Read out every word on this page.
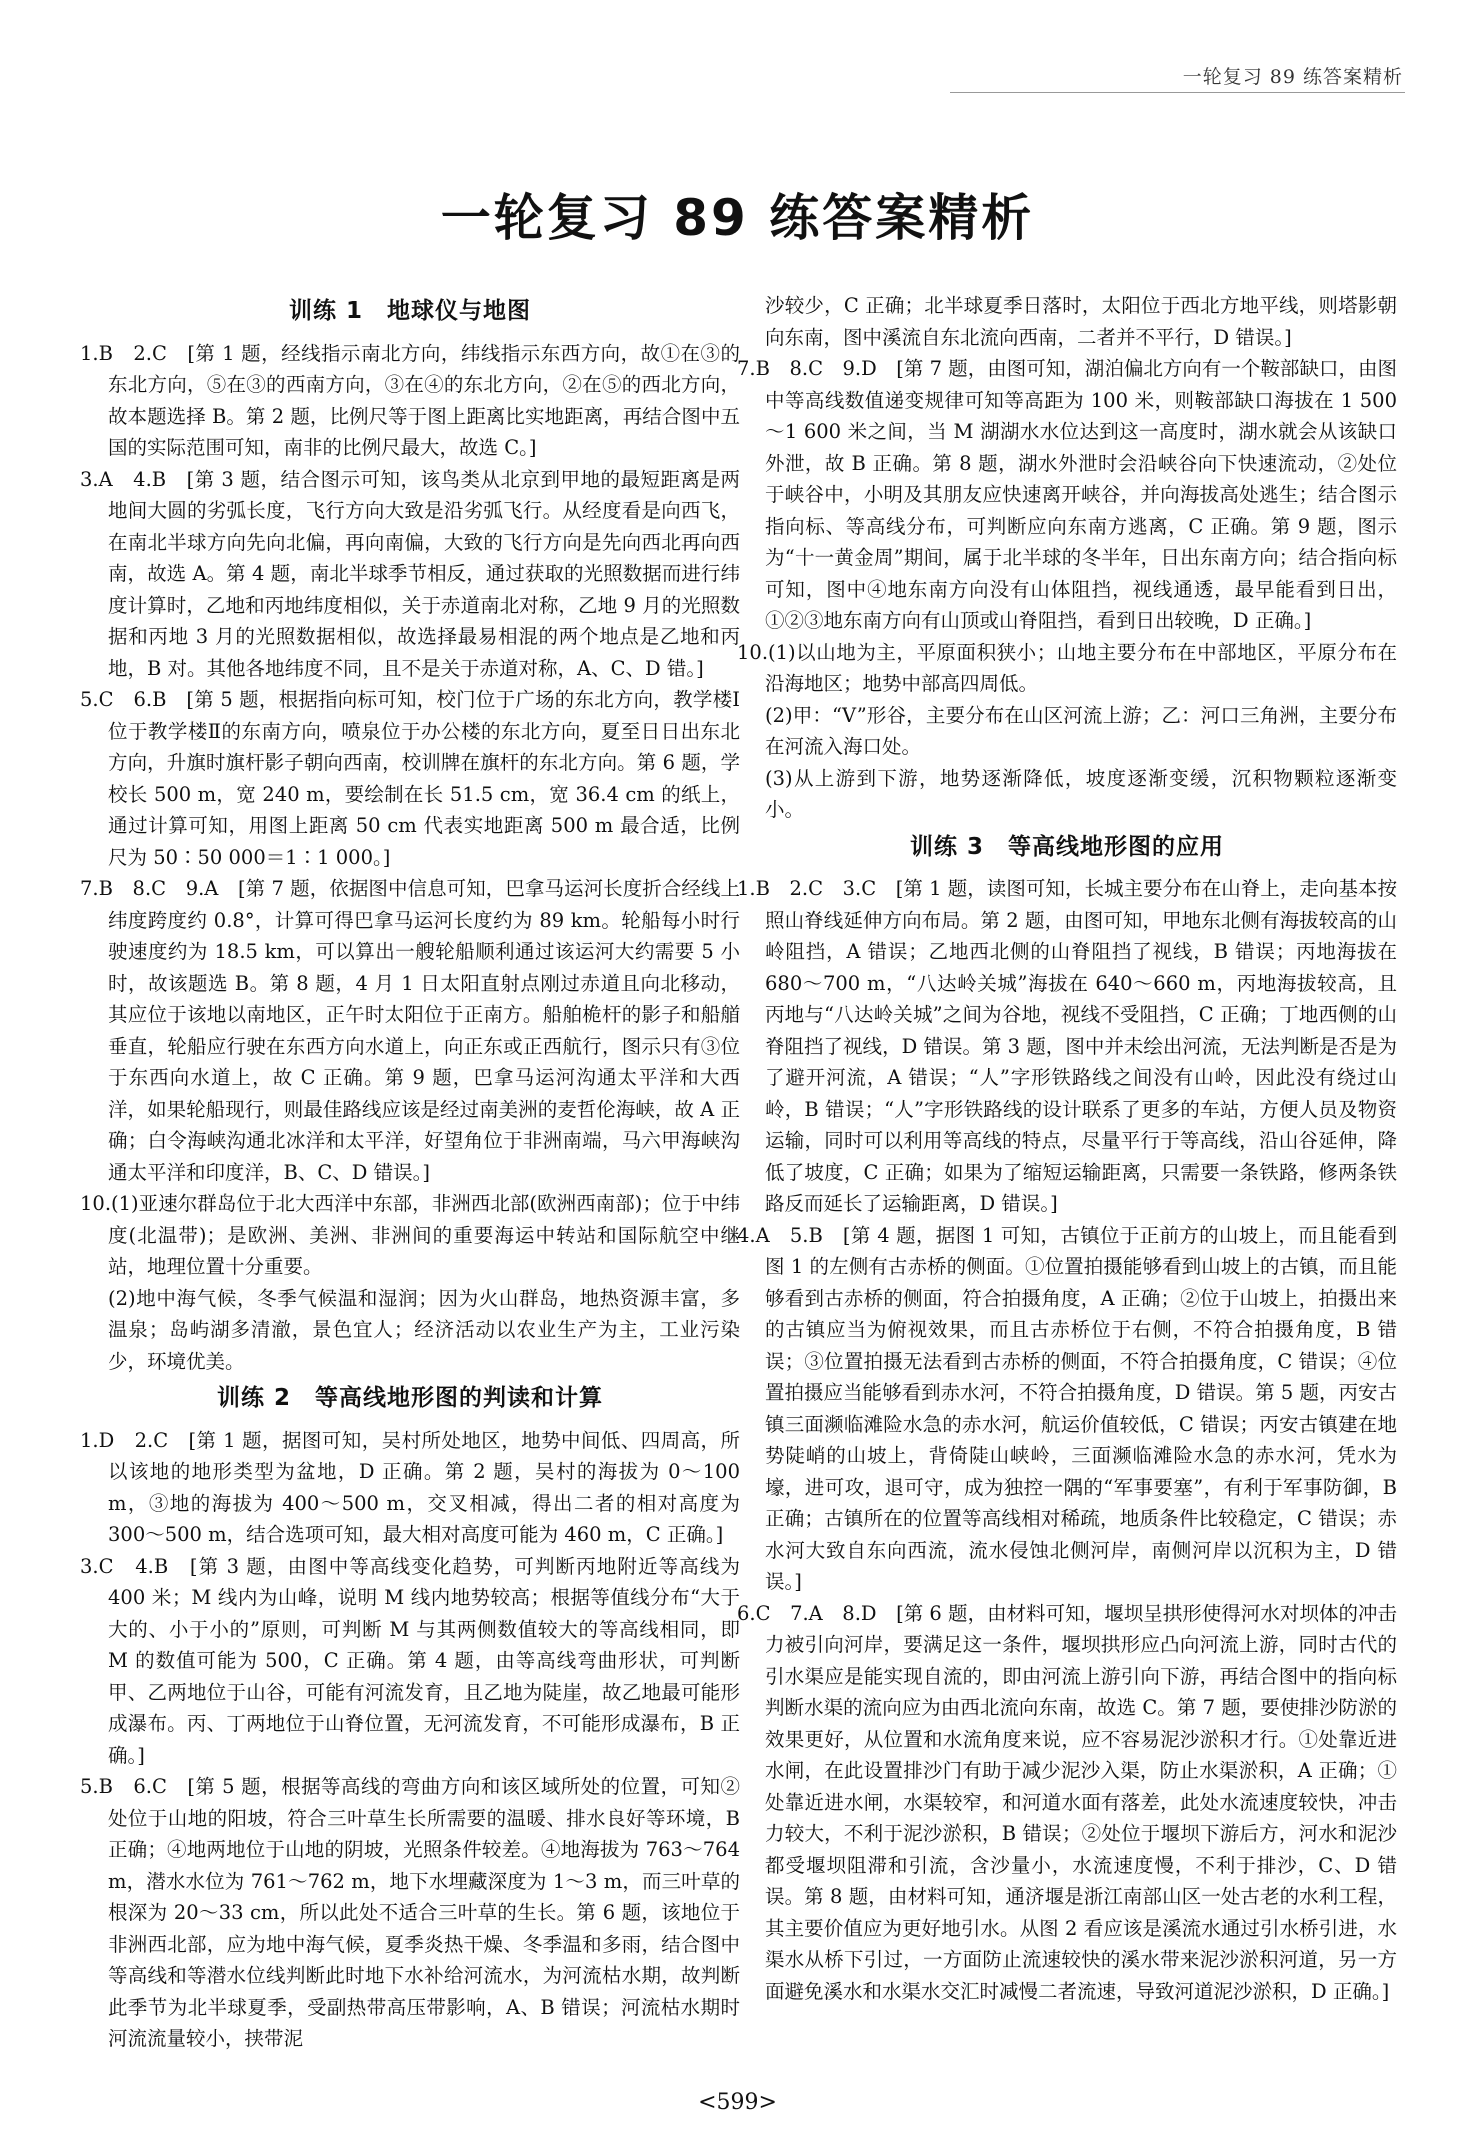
一轮复习 89 练答案精析
一轮复习 89 练答案精析
训练 1　地球仪与地图
1.B　2.C　[第 1 题，经线指示南北方向，纬线指示东西方向，故①在③的东北方向，⑤在③的西南方向，③在④的东北方向，②在⑤的西北方向，故本题选择 B。第 2 题，比例尺等于图上距离比实地距离，再结合图中五国的实际范围可知，南非的比例尺最大，故选 C。]
3.A　4.B　[第 3 题，结合图示可知，该鸟类从北京到甲地的最短距离是两地间大圆的劣弧长度，飞行方向大致是沿劣弧飞行。从经度看是向西飞，在南北半球方向先向北偏，再向南偏，大致的飞行方向是先向西北再向西南，故选 A。第 4 题，南北半球季节相反，通过获取的光照数据而进行纬度计算时，乙地和丙地纬度相似，关于赤道南北对称，乙地 9 月的光照数据和丙地 3 月的光照数据相似，故选择最易相混的两个地点是乙地和丙地，B 对。其他各地纬度不同，且不是关于赤道对称，A、C、D 错。]
5.C　6.B　[第 5 题，根据指向标可知，校门位于广场的东北方向，教学楼Ⅰ位于教学楼Ⅱ的东南方向，喷泉位于办公楼的东北方向，夏至日日出东北方向，升旗时旗杆影子朝向西南，校训牌在旗杆的东北方向。第 6 题，学校长 500 m，宽 240 m，要绘制在长 51.5 cm，宽 36.4 cm 的纸上，通过计算可知，用图上距离 50 cm 代表实地距离 500 m 最合适，比例尺为 50∶50 000＝1∶1 000。]
7.B　8.C　9.A　[第 7 题，依据图中信息可知，巴拿马运河长度折合经线上纬度跨度约 0.8°，计算可得巴拿马运河长度约为 89 km。轮船每小时行驶速度约为 18.5 km，可以算出一艘轮船顺利通过该运河大约需要 5 小时，故该题选 B。第 8 题，4 月 1 日太阳直射点刚过赤道且向北移动，其应位于该地以南地区，正午时太阳位于正南方。船舶桅杆的影子和船艏垂直，轮船应行驶在东西方向水道上，向正东或正西航行，图示只有③位于东西向水道上，故 C 正确。第 9 题，巴拿马运河沟通太平洋和大西洋，如果轮船现行，则最佳路线应该是经过南美洲的麦哲伦海峡，故 A 正确；白令海峡沟通北冰洋和太平洋，好望角位于非洲南端，马六甲海峡沟通太平洋和印度洋，B、C、D 错误。]
10.(1)亚速尔群岛位于北大西洋中东部，非洲西北部(欧洲西南部)；位于中纬度(北温带)；是欧洲、美洲、非洲间的重要海运中转站和国际航空中继站，地理位置十分重要。
(2)地中海气候，冬季气候温和湿润；因为火山群岛，地热资源丰富，多温泉；岛屿湖多清澈，景色宜人；经济活动以农业生产为主，工业污染少，环境优美。
训练 2　等高线地形图的判读和计算
1.D　2.C　[第 1 题，据图可知，吴村所处地区，地势中间低、四周高，所以该地的地形类型为盆地，D 正确。第 2 题，吴村的海拔为 0～100 m，③地的海拔为 400～500 m，交叉相减，得出二者的相对高度为 300～500 m，结合选项可知，最大相对高度可能为 460 m，C 正确。]
3.C　4.B　[第 3 题，由图中等高线变化趋势，可判断丙地附近等高线为 400 米；M 线内为山峰，说明 M 线内地势较高；根据等值线分布“大于大的、小于小的”原则，可判断 M 与其两侧数值较大的等高线相同，即 M 的数值可能为 500，C 正确。第 4 题，由等高线弯曲形状，可判断甲、乙两地位于山谷，可能有河流发育，且乙地为陡崖，故乙地最可能形成瀑布。丙、丁两地位于山脊位置，无河流发育，不可能形成瀑布，B 正确。]
5.B　6.C　[第 5 题，根据等高线的弯曲方向和该区域所处的位置，可知②处位于山地的阳坡，符合三叶草生长所需要的温暖、排水良好等环境，B 正确；④地两地位于山地的阴坡，光照条件较差。④地海拔为 763～764 m，潜水水位为 761～762 m，地下水埋藏深度为 1～3 m，而三叶草的根深为 20～33 cm，所以此处不适合三叶草的生长。第 6 题，该地位于非洲西北部，应为地中海气候，夏季炎热干燥、冬季温和多雨，结合图中等高线和等潜水位线判断此时地下水补给河流水，为河流枯水期，故判断此季节为北半球夏季，受副热带高压带影响，A、B 错误；河流枯水期时河流流量较小，挟带泥
沙较少，C 正确；北半球夏季日落时，太阳位于西北方地平线，则塔影朝向东南，图中溪流自东北流向西南，二者并不平行，D 错误。]
7.B　8.C　9.D　[第 7 题，由图可知，湖泊偏北方向有一个鞍部缺口，由图中等高线数值递变规律可知等高距为 100 米，则鞍部缺口海拔在 1 500～1 600 米之间，当 M 湖湖水水位达到这一高度时，湖水就会从该缺口外泄，故 B 正确。第 8 题，湖水外泄时会沿峡谷向下快速流动，②处位于峡谷中，小明及其朋友应快速离开峡谷，并向海拔高处逃生；结合图示指向标、等高线分布，可判断应向东南方逃离，C 正确。第 9 题，图示为“十一黄金周”期间，属于北半球的冬半年，日出东南方向；结合指向标可知，图中④地东南方向没有山体阻挡，视线通透，最早能看到日出，①②③地东南方向有山顶或山脊阻挡，看到日出较晚，D 正确。]
10.(1)以山地为主，平原面积狭小；山地主要分布在中部地区，平原分布在沿海地区；地势中部高四周低。
(2)甲：“V”形谷，主要分布在山区河流上游；乙：河口三角洲，主要分布在河流入海口处。
(3)从上游到下游，地势逐渐降低，坡度逐渐变缓，沉积物颗粒逐渐变小。
训练 3　等高线地形图的应用
1.B　2.C　3.C　[第 1 题，读图可知，长城主要分布在山脊上，走向基本按照山脊线延伸方向布局。第 2 题，由图可知，甲地东北侧有海拔较高的山岭阻挡，A 错误；乙地西北侧的山脊阻挡了视线，B 错误；丙地海拔在 680～700 m，“八达岭关城”海拔在 640～660 m，丙地海拔较高，且丙地与“八达岭关城”之间为谷地，视线不受阻挡，C 正确；丁地西侧的山脊阻挡了视线，D 错误。第 3 题，图中并未绘出河流，无法判断是否是为了避开河流，A 错误；“人”字形铁路线之间没有山岭，因此没有绕过山岭，B 错误；“人”字形铁路线的设计联系了更多的车站，方便人员及物资运输，同时可以利用等高线的特点，尽量平行于等高线，沿山谷延伸，降低了坡度，C 正确；如果为了缩短运输距离，只需要一条铁路，修两条铁路反而延长了运输距离，D 错误。]
4.A　5.B　[第 4 题，据图 1 可知，古镇位于正前方的山坡上，而且能看到图 1 的左侧有古赤桥的侧面。①位置拍摄能够看到山坡上的古镇，而且能够看到古赤桥的侧面，符合拍摄角度，A 正确；②位于山坡上，拍摄出来的古镇应当为俯视效果，而且古赤桥位于右侧，不符合拍摄角度，B 错误；③位置拍摄无法看到古赤桥的侧面，不符合拍摄角度，C 错误；④位置拍摄应当能够看到赤水河，不符合拍摄角度，D 错误。第 5 题，丙安古镇三面濒临滩险水急的赤水河，航运价值较低，C 错误；丙安古镇建在地势陡峭的山坡上，背倚陡山峡岭，三面濒临滩险水急的赤水河，凭水为壕，进可攻，退可守，成为独控一隅的“军事要塞”，有利于军事防御，B 正确；古镇所在的位置等高线相对稀疏，地质条件比较稳定，C 错误；赤水河大致自东向西流，流水侵蚀北侧河岸，南侧河岸以沉积为主，D 错误。]
6.C　7.A　8.D　[第 6 题，由材料可知，堰坝呈拱形使得河水对坝体的冲击力被引向河岸，要满足这一条件，堰坝拱形应凸向河流上游，同时古代的引水渠应是能实现自流的，即由河流上游引向下游，再结合图中的指向标判断水渠的流向应为由西北流向东南，故选 C。第 7 题，要使排沙防淤的效果更好，从位置和水流角度来说，应不容易泥沙淤积才行。①处靠近进水闸，在此设置排沙门有助于减少泥沙入渠，防止水渠淤积，A 正确；①处靠近进水闸，水渠较窄，和河道水面有落差，此处水流速度较快，冲击力较大，不利于泥沙淤积，B 错误；②处位于堰坝下游后方，河水和泥沙都受堰坝阻滞和引流，含沙量小，水流速度慢，不利于排沙，C、D 错误。第 8 题，由材料可知，通济堰是浙江南部山区一处古老的水利工程，其主要价值应为更好地引水。从图 2 看应该是溪流水通过引水桥引进，水渠水从桥下引过，一方面防止流速较快的溪水带来泥沙淤积河道，另一方面避免溪水和水渠水交汇时减慢二者流速，导致河道泥沙淤积，D 正确。]
<599>
